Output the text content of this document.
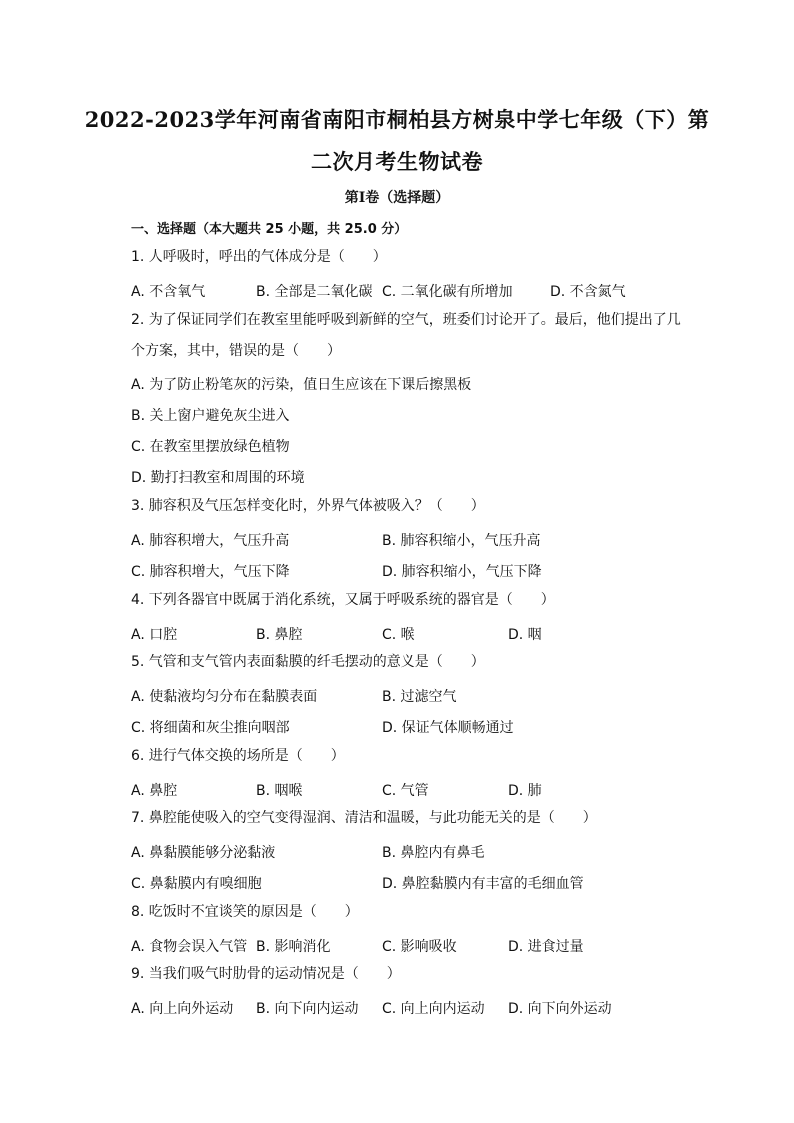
2022-2023学年河南省南阳市桐柏县方树泉中学七年级（下）第
二次月考生物试卷
第I卷（选择题）
一、选择题（本大题共 25 小题，共 25.0 分）
1. 人呼吸时，呼出的气体成分是（　　）
A. 不含氧气	B. 全部是二氧化碳 C. 二氧化碳有所增加	D. 不含氮气
2. 为了保证同学们在教室里能呼吸到新鲜的空气，班委们讨论开了。最后，他们提出了几
个方案，其中，错误的是（　　）
A. 为了防止粉笔灰的污染，值日生应该在下课后擦黑板
B. 关上窗户避免灰尘进入
C. 在教室里摆放绿色植物
D. 勤打扫教室和周围的环境
3. 肺容积及气压怎样变化时，外界气体被吸入？（　　）
A. 肺容积增大，气压升高	B. 肺容积缩小，气压升高
C. 肺容积增大，气压下降	D. 肺容积缩小，气压下降
4. 下列各器官中既属于消化系统，又属于呼吸系统的器官是（　　）
A. 口腔	B. 鼻腔	C. 喉	D. 咽
5. 气管和支气管内表面黏膜的纤毛摆动的意义是（　　）
A. 使黏液均匀分布在黏膜表面	B. 过滤空气
C. 将细菌和灰尘推向咽部	D. 保证气体顺畅通过
6. 进行气体交换的场所是（　　）
A. 鼻腔	B. 咽喉	C. 气管	D. 肺
7. 鼻腔能使吸入的空气变得湿润、清洁和温暖，与此功能无关的是（　　）
A. 鼻黏膜能够分泌黏液	B. 鼻腔内有鼻毛
C. 鼻黏膜内有嗅细胞	D. 鼻腔黏膜内有丰富的毛细血管
8. 吃饭时不宜谈笑的原因是（　　）
A. 食物会误入气管 B. 影响消化	C. 影响吸收	D. 进食过量
9. 当我们吸气时肋骨的运动情况是（　　）
A. 向上向外运动 B. 向下向内运动 C. 向上向内运动 D. 向下向外运动
